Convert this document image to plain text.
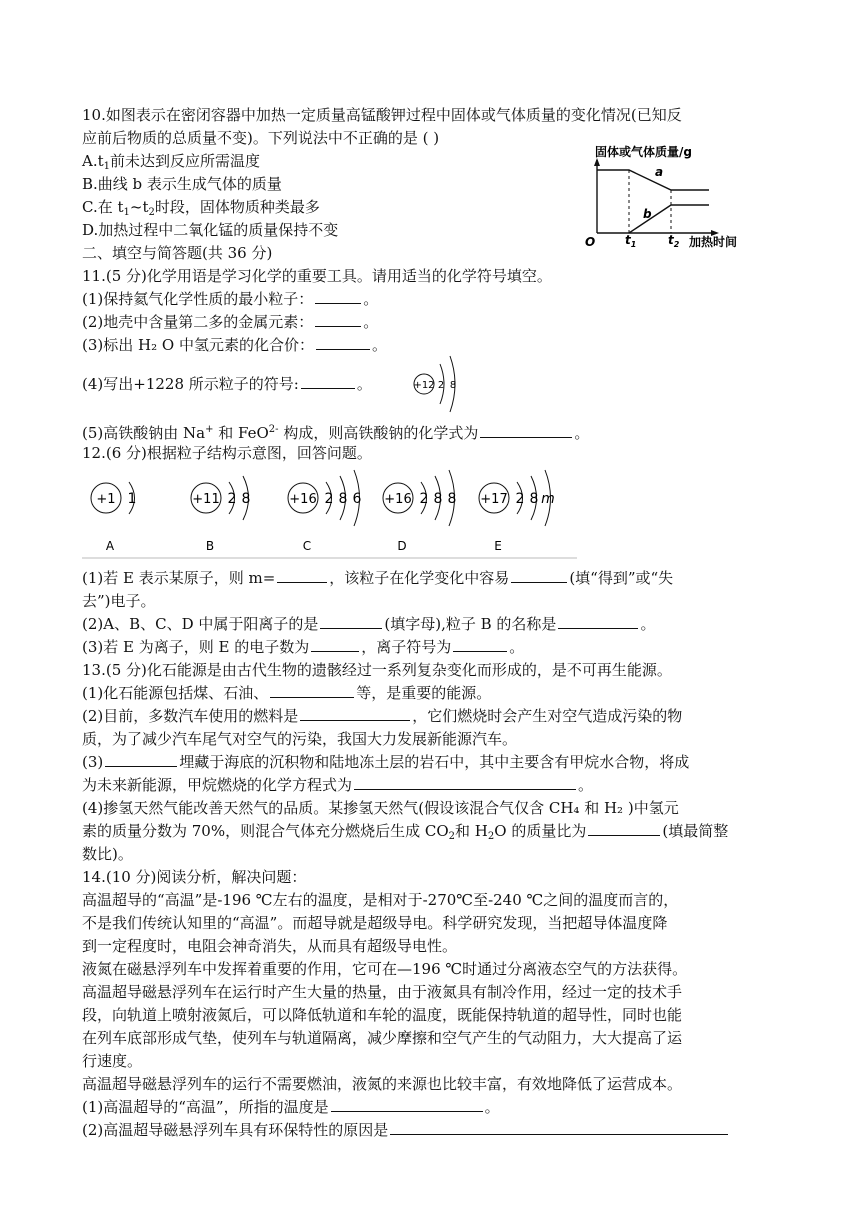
10.如图表示在密闭容器中加热一定质量高锰酸钾过程中固体或气体质量的变化情况(已知反
应前后物质的总质量不变)。下列说法中不正确的是 ( )
$A.t_1$前未达到反应所需温度
B.曲线 b 表示生成气体的质量
C.在 $t_1\sim t_2$时段，固体物质种类最多
D.加热过程中二氧化锰的质量保持不变
固体或气体质量/g
a
b
O $t_1$	$t_2$ 加热时间
二、填空与简答题(共 36 分)
11.(5 分)化学用语是学习化学的重要工具。请用适当的化学符号填空。
(1)保持氦气化学性质的最小粒子：	。
(2)地壳中含量第二多的金属元素：	。
(3)标出 H₂ O 中氢元素的化合价：	。
(4)写出+1228 所示粒子的符号:	。	+12 2 8
(5)高铁酸钠由 Na+ 和 FeO$^{2-}$ 构成，则高铁酸钠的化学式为	。
12.(6 分)根据粒子结构示意图，回答问题。
+1 1
A
+11 2 8
B
+16 2 8 6
C
+16 2 8 8
D
+17 2 8 m
E
(1)若 E 表示某原子，则 m=	，该粒子在化学变化中容易	(填“得到”或“失
去”)电子。
(2)A、B、C、D 中属于阳离子的是	(填字母),粒子 B 的名称是	。
(3)若 E 为离子，则 E 的电子数为	，离子符号为	。
13.(5 分)化石能源是由古代生物的遗骸经过一系列复杂变化而形成的，是不可再生能源。
(1)化石能源包括煤、石油、	等，是重要的能源。
(2)目前，多数汽车使用的燃料是	，它们燃烧时会产生对空气造成污染的物
质，为了减少汽车尾气对空气的污染，我国大力发展新能源汽车。
(3)	埋藏于海底的沉积物和陆地冻土层的岩石中，其中主要含有甲烷水合物，将成
为未来新能源，甲烷燃烧的化学方程式为	。
(4)掺氢天然气能改善天然气的品质。某掺氢天然气(假设该混合气仅含 CH₄ 和 H₂ )中氢元
素的质量分数为 70%，则混合气体充分燃烧后生成 $CO_2$和 $H_2O$ 的质量比为	(填最简整
数比)。
14.(10 分)阅读分析，解决问题：
高温超导的“高温”是-196 ℃左右的温度，是相对于-270℃至-240 ℃之间的温度而言的，
不是我们传统认知里的“高温”。而超导就是超级导电。科学研究发现，当把超导体温度降
到一定程度时，电阻会神奇消失，从而具有超级导电性。
液氮在磁悬浮列车中发挥着重要的作用，它可在—196 ℃时通过分离液态空气的方法获得。
高温超导磁悬浮列车在运行时产生大量的热量，由于液氮具有制冷作用，经过一定的技术手
段，向轨道上喷射液氮后，可以降低轨道和车轮的温度，既能保持轨道的超导性，同时也能
在列车底部形成气垫，使列车与轨道隔离，减少摩擦和空气产生的气动阻力，大大提高了运
行速度。
高温超导磁悬浮列车的运行不需要燃油，液氮的来源也比较丰富，有效地降低了运营成本。
(1)高温超导的“高温”，所指的温度是	。
(2)高温超导磁悬浮列车具有环保特性的原因是
